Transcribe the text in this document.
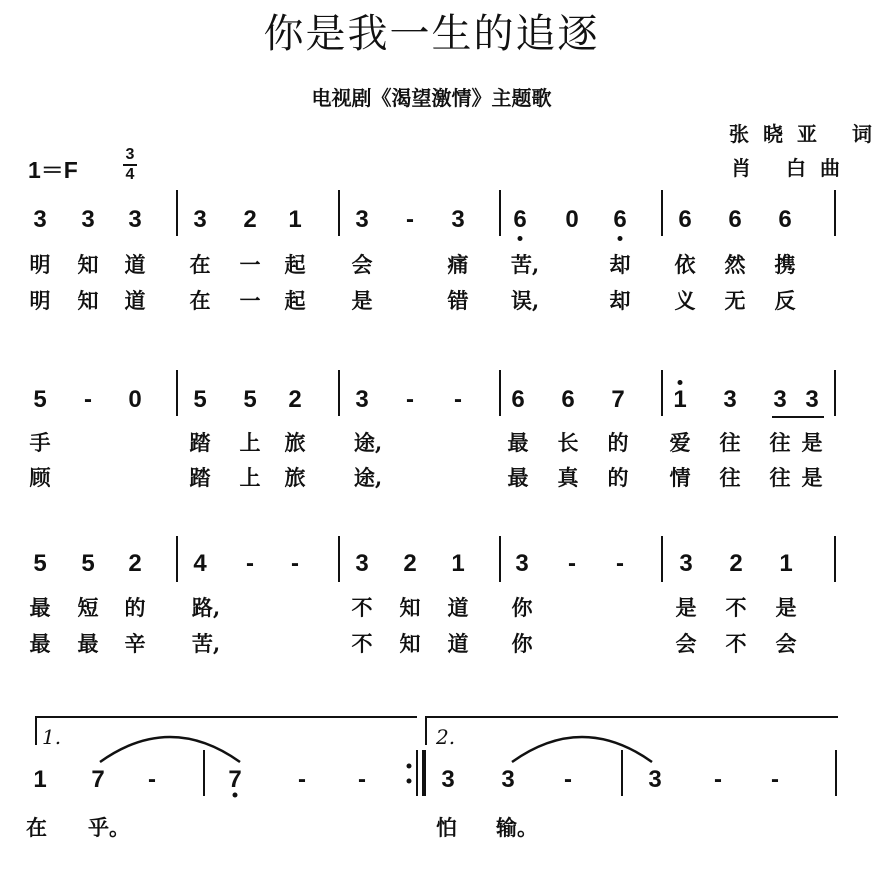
你是我一生的追逐
电视剧《渴望激情》主题歌
张晓亚 词
肖 白曲
1＝F
3
4
3 3 3 3 2 1 3 - 3 6 0 6 6 6 6
明 知 道 在 一 起 会	痛 苦,	却 依 然 携
明 知 道 在 一 起 是	错 误,	却 义 无 反
5 - 0 5 5 2 3 - - 6 6 7 1 3 3 3
手	踏 上 旅 途,	最 长 的 爱 往 往 是
顾	踏 上 旅 途,	最 真 的 情 往 往 是
5 5 2 4 - - 3 2 1 3 - - 3 2 1
最 短 的 路,	不 知 道 你	是 不 是
最 最 辛 苦,	不 知 道 你	会 不 会
1.	2.
1 7 -	7 - -	3 3 -	3 - -
在 乎。	怕 输。
